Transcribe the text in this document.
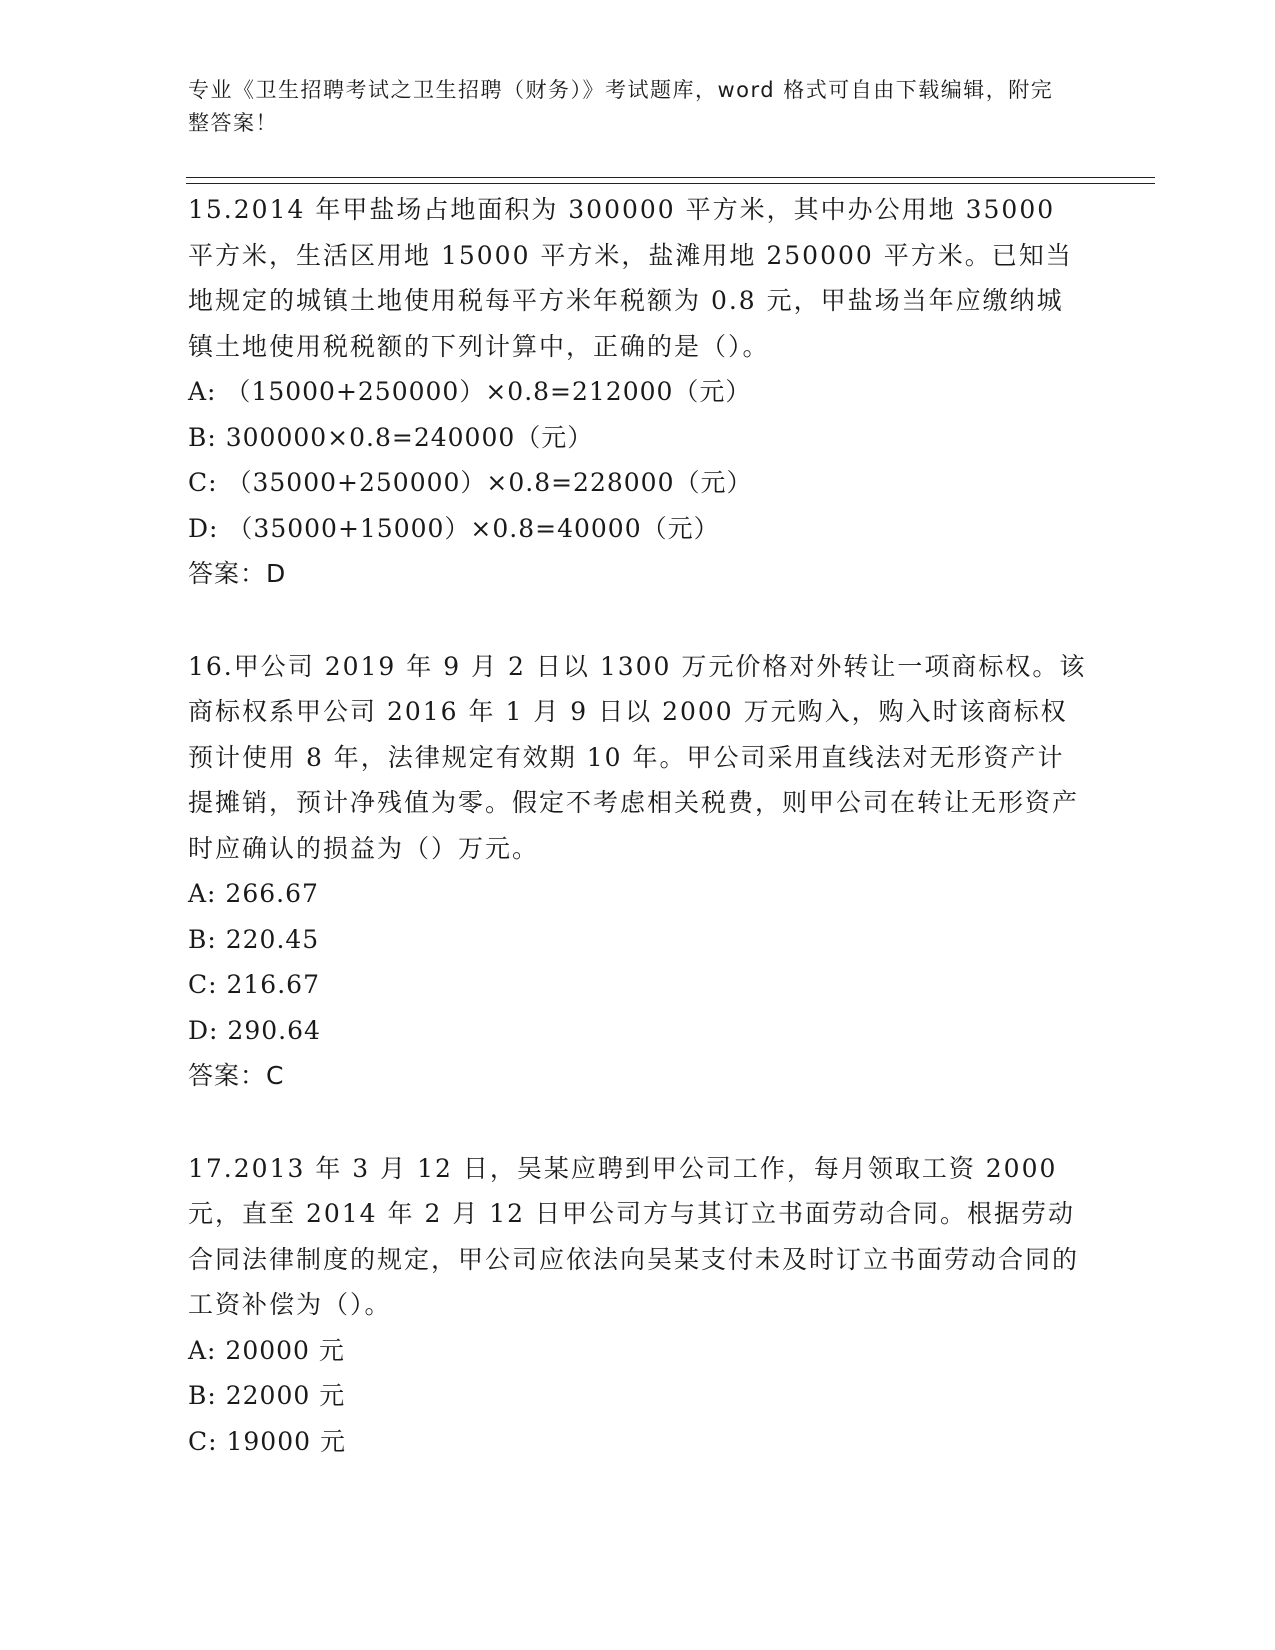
专业《卫生招聘考试之卫生招聘（财务）》考试题库，word 格式可自由下载编辑，附完整答案！
15.2014 年甲盐场占地面积为 300000 平方米，其中办公用地 35000 平方米，生活区用地 15000 平方米，盐滩用地 250000 平方米。已知当地规定的城镇土地使用税每平方米年税额为 0.8 元，甲盐场当年应缴纳城镇土地使用税税额的下列计算中，正确的是（）。
A: （15000+250000）×0.8=212000（元）
B: 300000×0.8=240000（元）
C: （35000+250000）×0.8=228000（元）
D: （35000+15000）×0.8=40000（元）
答案：D
16.甲公司 2019 年 9 月 2 日以 1300 万元价格对外转让一项商标权。该商标权系甲公司 2016 年 1 月 9 日以 2000 万元购入，购入时该商标权预计使用 8 年，法律规定有效期 10 年。甲公司采用直线法对无形资产计提摊销，预计净残值为零。假定不考虑相关税费，则甲公司在转让无形资产时应确认的损益为（）万元。
A: 266.67
B: 220.45
C: 216.67
D: 290.64
答案：C
17.2013 年 3 月 12 日，吴某应聘到甲公司工作，每月领取工资 2000 元，直至 2014 年 2 月 12 日甲公司方与其订立书面劳动合同。根据劳动合同法律制度的规定，甲公司应依法向吴某支付未及时订立书面劳动合同的工资补偿为（）。
A: 20000 元
B: 22000 元
C: 19000 元
